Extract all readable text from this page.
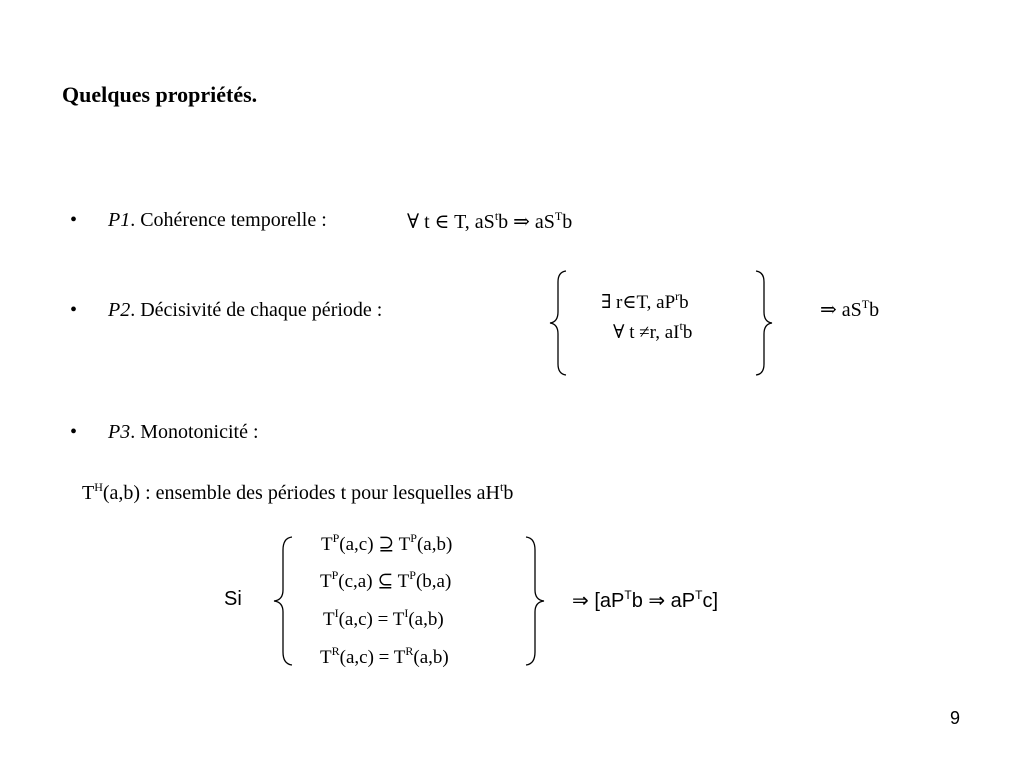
Quelques propriétés.
• P1. Cohérence temporelle :	∀ t ∈ T, $aS^tb$ ⇒ $aS^Tb$
• P2. Décisivité de chaque période :	∃ r∈T, $aP^rb$
∀ t ≠r, $aI^tb$
⇒ $aS^Tb$
• P3. Monotonicité :
$T^H(a,b)$ : ensemble des périodes t pour lesquelles $aH^tb$
Si
$T^P(a,c)$ ⊇ $T^P(a,b)$
$T^P(c,a)$ ⊆ $T^P(b,a)$
$T^I(a,c) = T^I(a,b)$
$T^R(a,c) = T^R(a,b)$
⇒ [$aP^Tb$ ⇒ $aP^Tc$]
9
